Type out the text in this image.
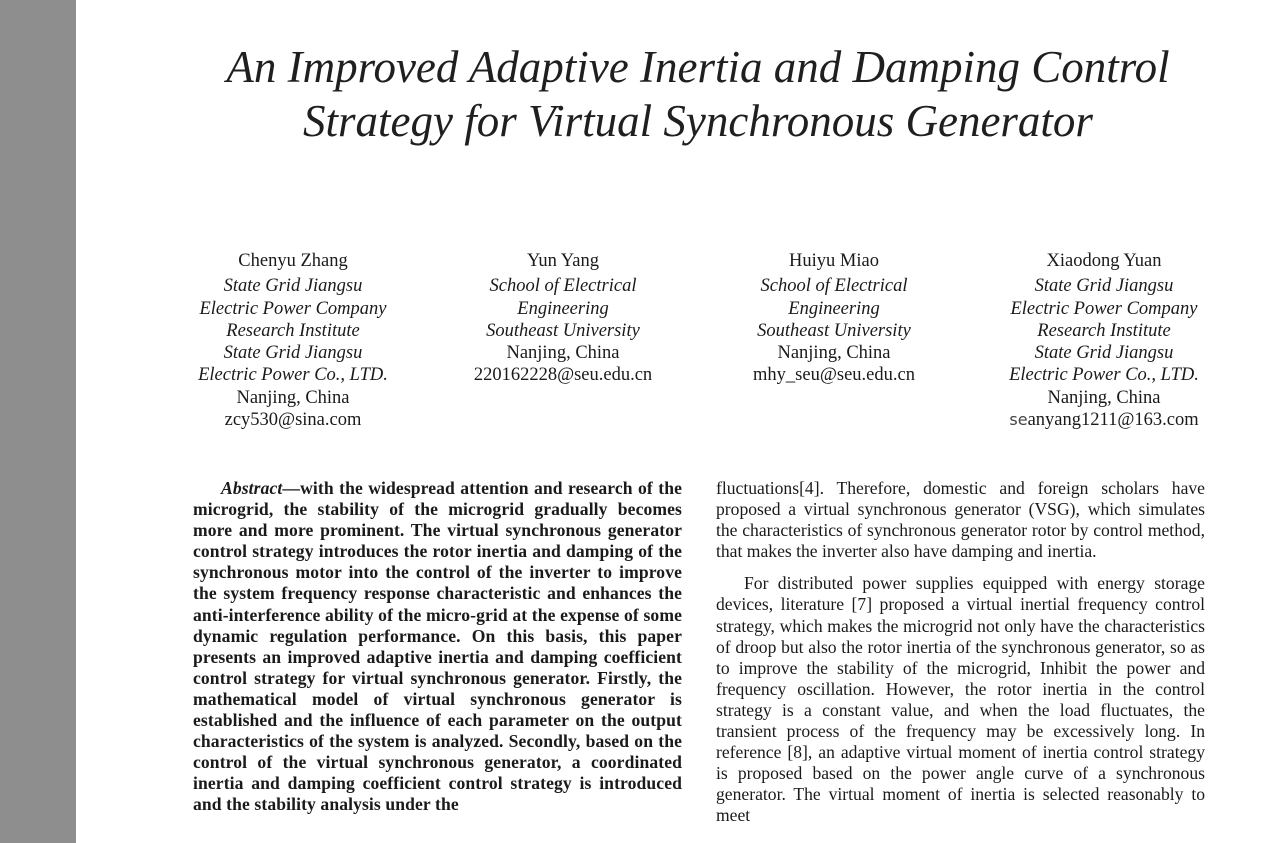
An Improved Adaptive Inertia and Damping Control
Strategy for Virtual Synchronous Generator
Chenyu Zhang
State Grid Jiangsu
Electric Power Company
Research Institute
State Grid Jiangsu
Electric Power Co., LTD.
Nanjing, China
zcy530@sina.com
Yun Yang
School of Electrical
Engineering
Southeast University
Nanjing, China
220162228@seu.edu.cn
Huiyu Miao
School of Electrical
Engineering
Southeast University
Nanjing, China
mhy_seu@seu.edu.cn
Xiaodong Yuan
State Grid Jiangsu
Electric Power Company
Research Institute
State Grid Jiangsu
Electric Power Co., LTD.
Nanjing, China
seanyang1211@163.com

Abstract—with the widespread attention and research of the microgrid, the stability of the microgrid gradually becomes more and more prominent. The virtual synchronous generator control strategy introduces the rotor inertia and damping of the synchronous motor into the control of the inverter to improve the system frequency response characteristic and enhances the anti-interference ability of the micro-grid at the expense of some dynamic regulation performance. On this basis, this paper presents an improved adaptive inertia and damping coefficient control strategy for virtual synchronous generator. Firstly, the mathematical model of virtual synchronous generator is established and the influence of each parameter on the output characteristics of the system is analyzed. Secondly, based on the control of the virtual synchronous generator, a coordinated inertia and damping coefficient control strategy is introduced and the stability analysis under the

fluctuations[4]. Therefore, domestic and foreign scholars have proposed a virtual synchronous generator (VSG), which simulates the characteristics of synchronous generator rotor by control method, that makes the inverter also have damping and inertia.

For distributed power supplies equipped with energy storage devices, literature [7] proposed a virtual inertial frequency control strategy, which makes the microgrid not only have the characteristics of droop but also the rotor inertia of the synchronous generator, so as to improve the stability of the microgrid, Inhibit the power and frequency oscillation. However, the rotor inertia in the control strategy is a constant value, and when the load fluctuates, the transient process of the frequency may be excessively long. In reference [8], an adaptive virtual moment of inertia control strategy is proposed based on the power angle curve of a synchronous generator. The virtual moment of inertia is selected reasonably to meet
